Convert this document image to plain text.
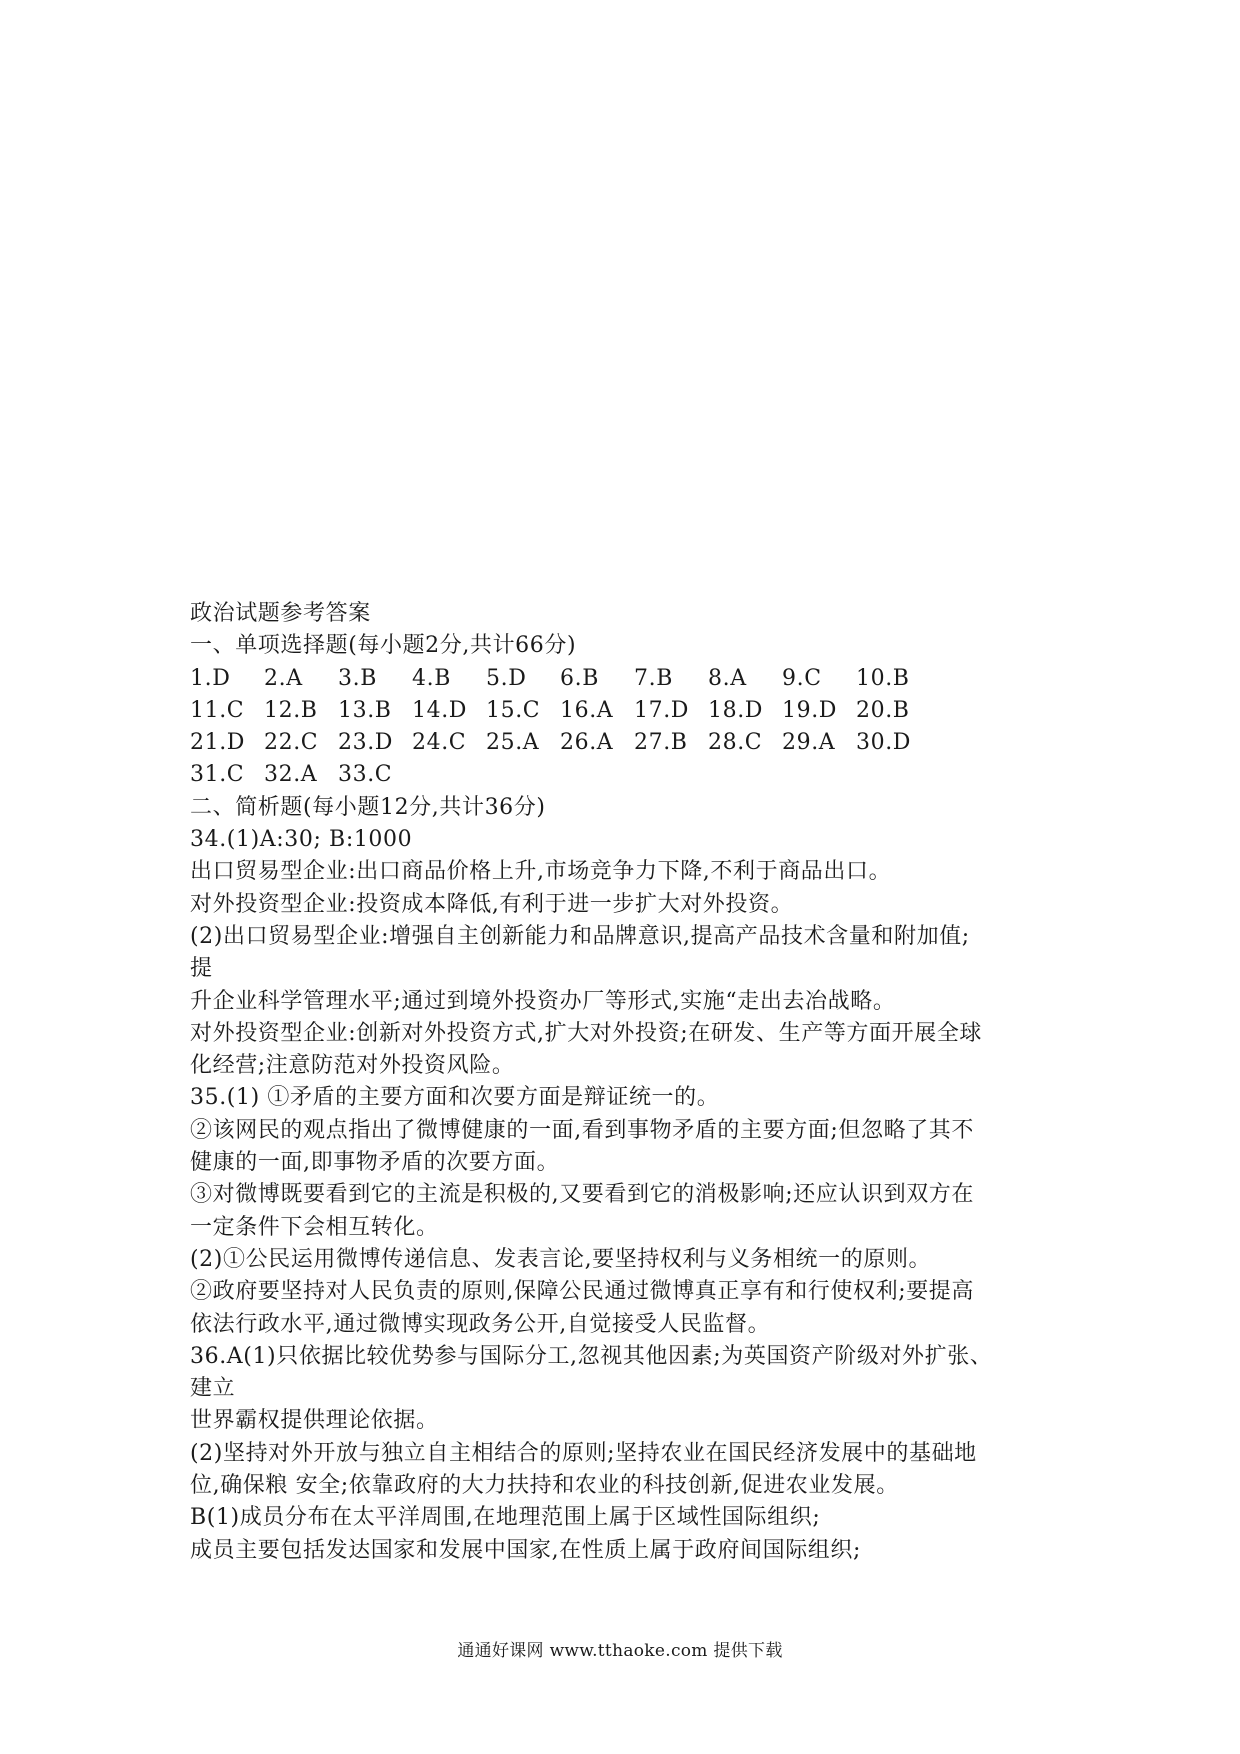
政治试题参考答案
一、单项选择题(每小题2分,共计66分)
1.D	2.A	3.B	4.B	5.D	6.B	7.B	8.A	9.C	10.B
11.C 12.B 13.B 14.D 15.C 16.A 17.D 18.D 19.D 20.B
21.D 22.C 23.D 24.C 25.A 26.A 27.B 28.C 29.A 30.D
31.C 32.A 33.C
二、简析题(每小题12分,共计36分)
34.(1)A:30; B:1000
出口贸易型企业:出口商品价格上升,市场竞争力下降,不利于商品出口。
对外投资型企业:投资成本降低,有利于进一步扩大对外投资。
(2)出口贸易型企业:增强自主创新能力和品牌意识,提高产品技术含量和附加值;
提
升企业科学管理水平;通过到境外投资办厂等形式,实施“走出去冶战略。
对外投资型企业:创新对外投资方式,扩大对外投资;在研发、生产等方面开展全球
化经营;注意防范对外投资风险。
35.(1) ①矛盾的主要方面和次要方面是辩证统一的。
②该网民的观点指出了微博健康的一面,看到事物矛盾的主要方面;但忽略了其不
健康的一面,即事物矛盾的次要方面。
③对微博既要看到它的主流是积极的,又要看到它的消极影响;还应认识到双方在
一定条件下会相互转化。
(2)①公民运用微博传递信息、发表言论,要坚持权利与义务相统一的原则。
②政府要坚持对人民负责的原则,保障公民通过微博真正享有和行使权利;要提高
依法行政水平,通过微博实现政务公开,自觉接受人民监督。
36.A(1)只依据比较优势参与国际分工,忽视其他因素;为英国资产阶级对外扩张、
建立
世界霸权提供理论依据。
(2)坚持对外开放与独立自主相结合的原则;坚持农业在国民经济发展中的基础地
位,确保粮 安全;依靠政府的大力扶持和农业的科技创新,促进农业发展。
B(1)成员分布在太平洋周围,在地理范围上属于区域性国际组织;
成员主要包括发达国家和发展中国家,在性质上属于政府间国际组织;
通通好课网 www.tthaoke.com 提供下载
